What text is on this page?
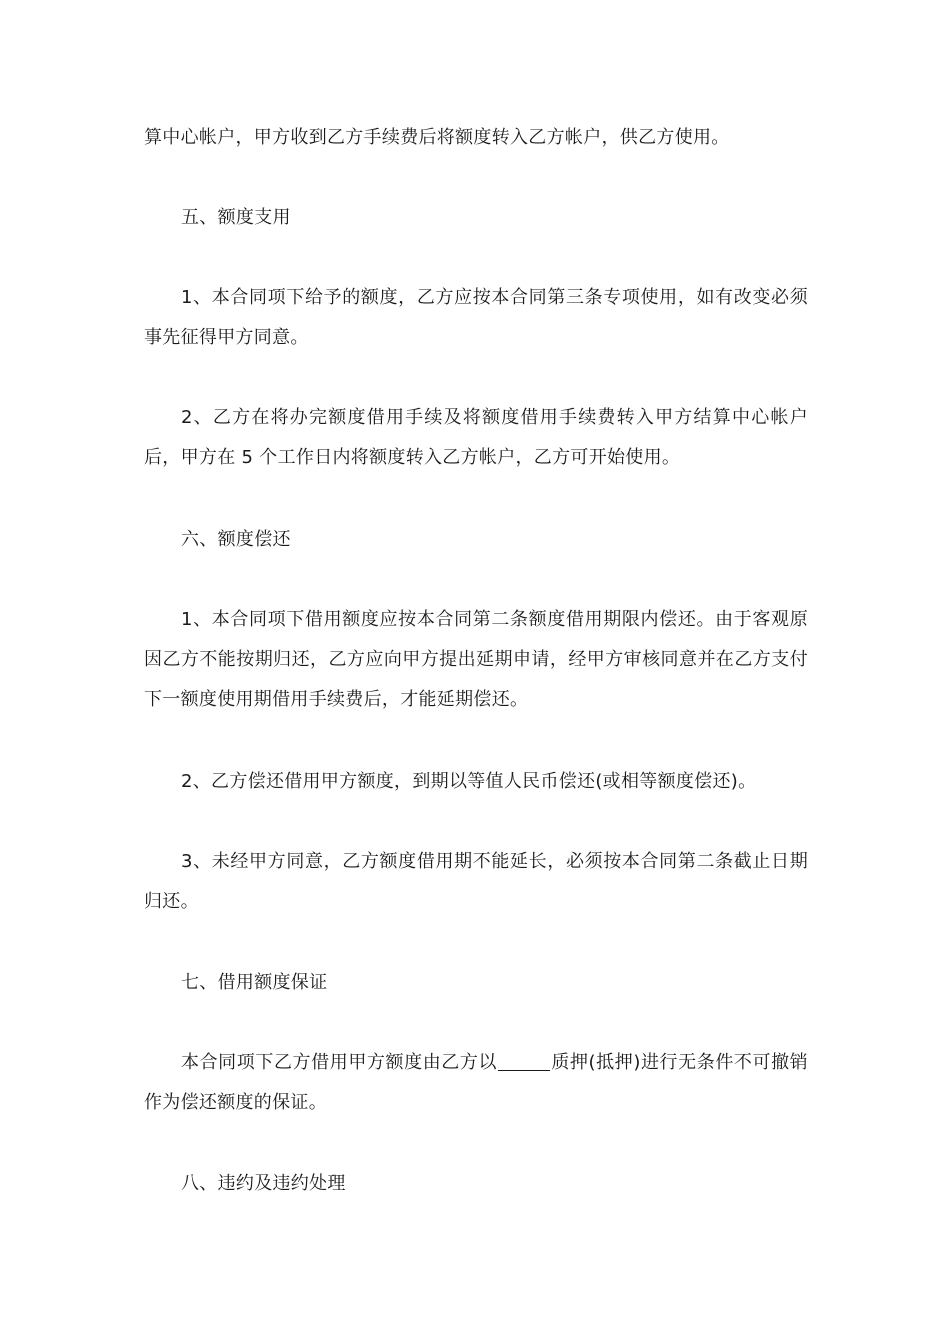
算中心帐户，甲方收到乙方手续费后将额度转入乙方帐户，供乙方使用。

五、额度支用

1、本合同项下给予的额度，乙方应按本合同第三条专项使用，如有改变必须事先征得甲方同意。

2、乙方在将办完额度借用手续及将额度借用手续费转入甲方结算中心帐户后，甲方在 5 个工作日内将额度转入乙方帐户，乙方可开始使用。

六、额度偿还

1、本合同项下借用额度应按本合同第二条额度借用期限内偿还。由于客观原因乙方不能按期归还，乙方应向甲方提出延期申请，经甲方审核同意并在乙方支付下一额度使用期借用手续费后，才能延期偿还。

2、乙方偿还借用甲方额度，到期以等值人民币偿还(或相等额度偿还)。

3、未经甲方同意，乙方额度借用期不能延长，必须按本合同第二条截止日期归还。

七、借用额度保证

本合同项下乙方借用甲方额度由乙方以	质押(抵押)进行无条件不可撤销作为偿还额度的保证。

八、违约及违约处理
